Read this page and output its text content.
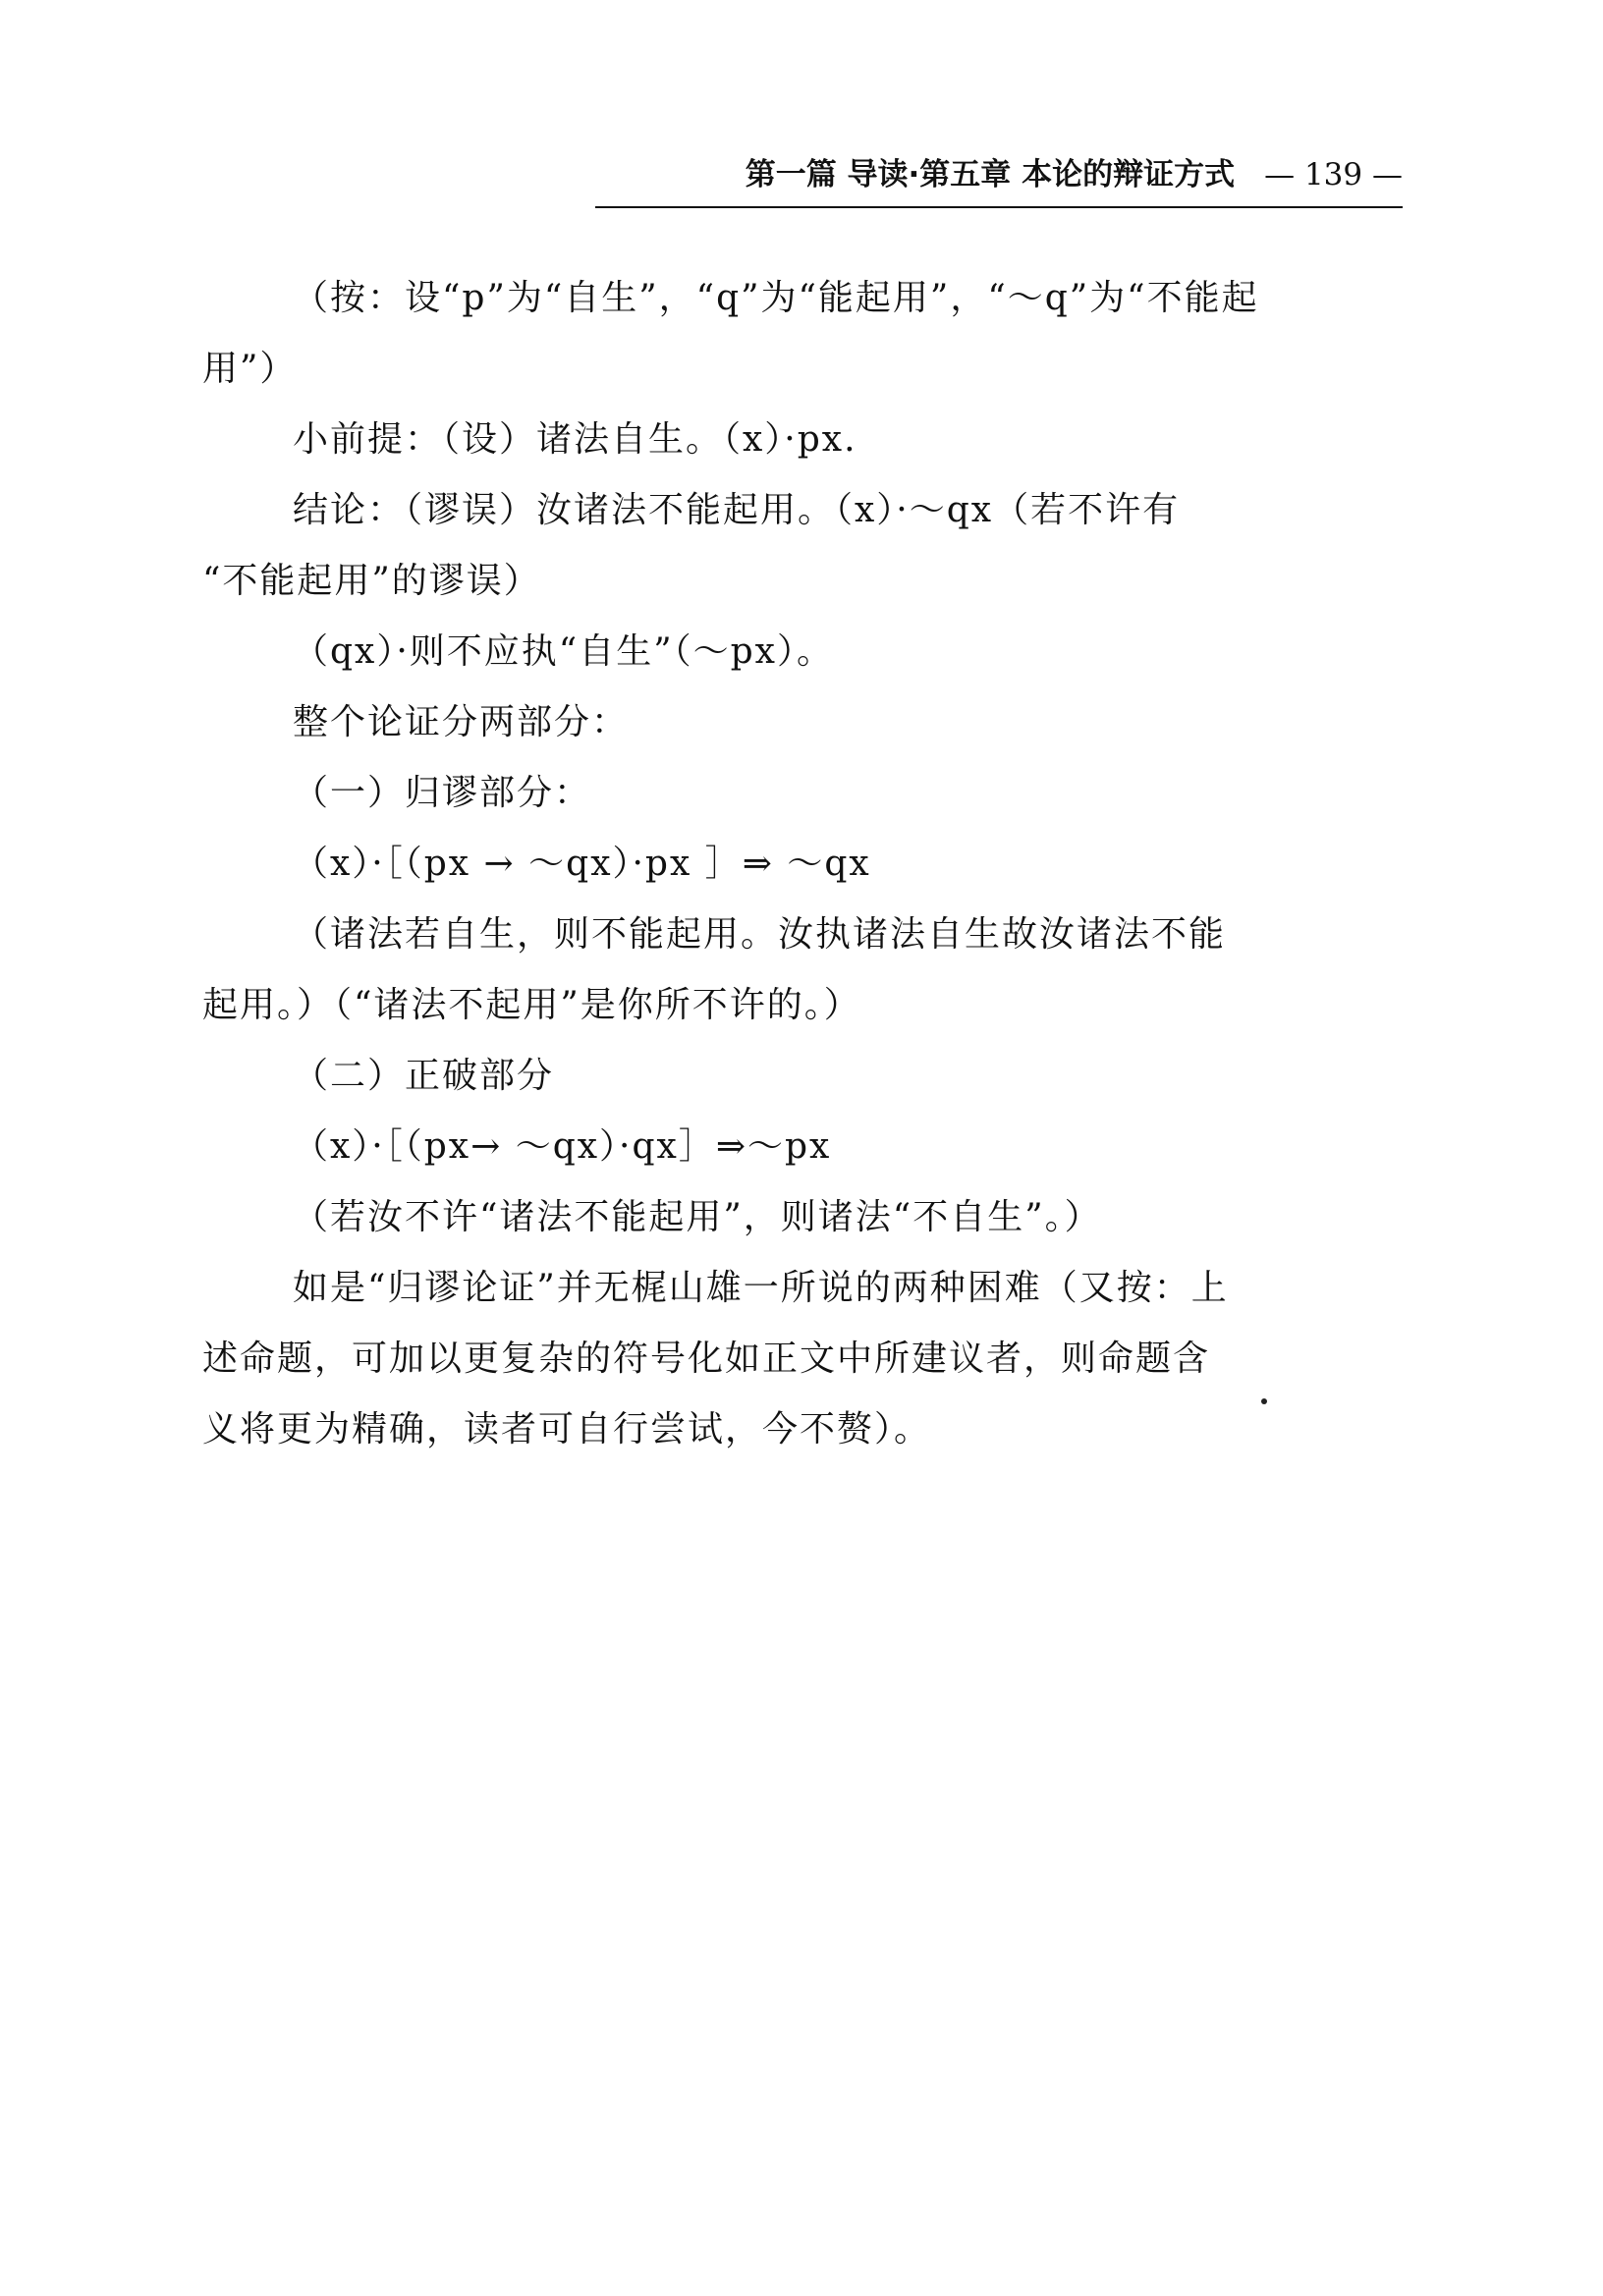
第一篇 导读·第五章 本论的辩证方式 — 139 —
（按：设“p”为“自生”，“q”为“能起用”，“～q”为“不能起
用”）
小前提：（设）诸法自生。（x）·px.
结论：（谬误）汝诸法不能起用。（x）·～qx（若不许有
“不能起用”的谬误）
（qx）·则不应执“自生”（～px）。
整个论证分两部分：
（一）归谬部分：
（x）·［（px → ～qx）·px ］⇒ ～qx
（诸法若自生，则不能起用。汝执诸法自生故汝诸法不能
起用。）（“诸法不起用”是你所不许的。）
（二）正破部分
（x）·［（px→ ～qx）·qx］⇒～px
（若汝不许“诸法不能起用”，则诸法“不自生”。）
如是“归谬论证”并无梶山雄一所说的两种困难（又按：上
述命题，可加以更复杂的符号化如正文中所建议者，则命题含
义将更为精确，读者可自行尝试，今不赘）。
